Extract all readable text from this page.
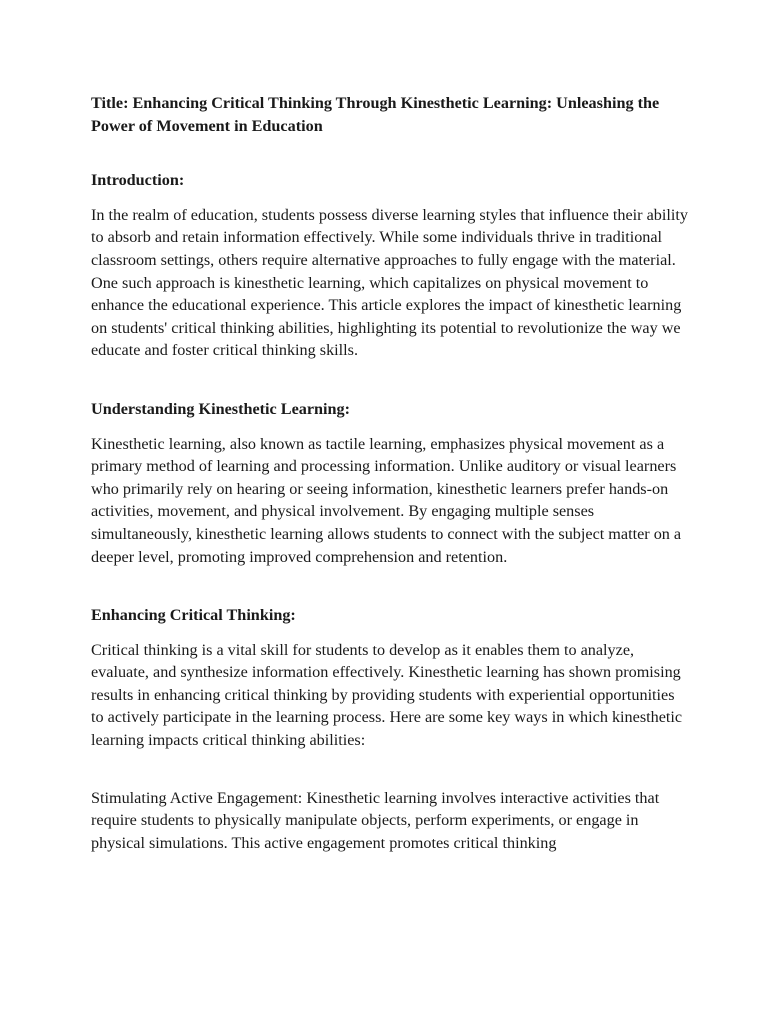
Title: Enhancing Critical Thinking Through Kinesthetic Learning: Unleashing the Power of Movement in Education

Introduction:

In the realm of education, students possess diverse learning styles that influence their ability to absorb and retain information effectively. While some individuals thrive in traditional classroom settings, others require alternative approaches to fully engage with the material. One such approach is kinesthetic learning, which capitalizes on physical movement to enhance the educational experience. This article explores the impact of kinesthetic learning on students' critical thinking abilities, highlighting its potential to revolutionize the way we educate and foster critical thinking skills.

Understanding Kinesthetic Learning:

Kinesthetic learning, also known as tactile learning, emphasizes physical movement as a primary method of learning and processing information. Unlike auditory or visual learners who primarily rely on hearing or seeing information, kinesthetic learners prefer hands-on activities, movement, and physical involvement. By engaging multiple senses simultaneously, kinesthetic learning allows students to connect with the subject matter on a deeper level, promoting improved comprehension and retention.

Enhancing Critical Thinking:

Critical thinking is a vital skill for students to develop as it enables them to analyze, evaluate, and synthesize information effectively. Kinesthetic learning has shown promising results in enhancing critical thinking by providing students with experiential opportunities to actively participate in the learning process. Here are some key ways in which kinesthetic learning impacts critical thinking abilities:

Stimulating Active Engagement: Kinesthetic learning involves interactive activities that require students to physically manipulate objects, perform experiments, or engage in physical simulations. This active engagement promotes critical thinking
